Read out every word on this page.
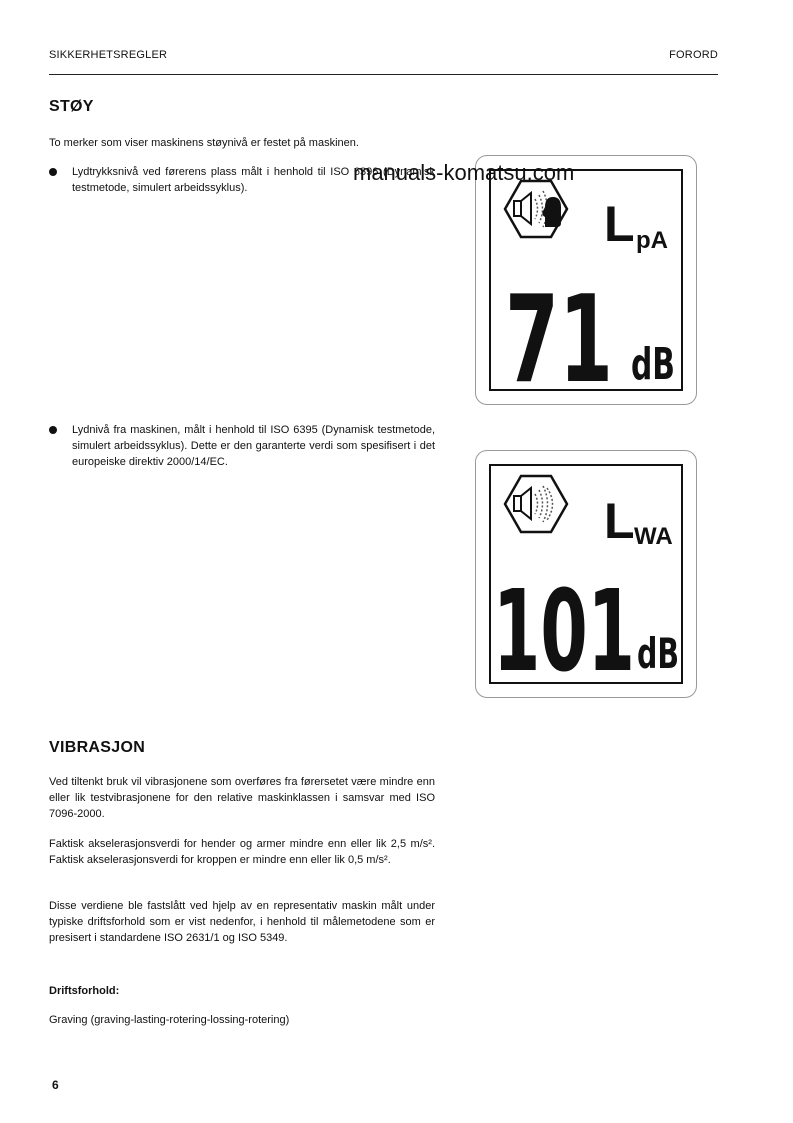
SIKKERHETSREGLER	FORORD
STØY
To merker som viser maskinens støynivå er festet på maskinen.
Lydtrykksnivå ved førerens plass målt i henhold til ISO 6396 (Dynamisk testmetode, simulert arbeidssyklus).
Lydnivå fra maskinen, målt i henhold til ISO 6395 (Dynamisk testmetode, simulert arbeidssyklus). Dette er den garanterte verdi som spesifisert i det europeiske direktiv 2000/14/EC.
L pA
71 dB
L WA
101 dB
VIBRASJON
Ved tiltenkt bruk vil vibrasjonene som overføres fra førersetet være mindre enn eller lik testvibrasjonene for den relative maskinklassen i samsvar med ISO 7096-2000.
Faktisk akselerasjonsverdi for hender og armer mindre enn eller lik 2,5 m/s². Faktisk akselerasjonsverdi for kroppen er mindre enn eller lik 0,5 m/s².
Disse verdiene ble fastslått ved hjelp av en representativ maskin målt under typiske driftsforhold som er vist nedenfor, i henhold til målemetodene som er presisert i standardene ISO 2631/1 og ISO 5349.
Driftsforhold:
Graving (graving-lasting-rotering-lossing-rotering)
manuals-komatsu.com
6
